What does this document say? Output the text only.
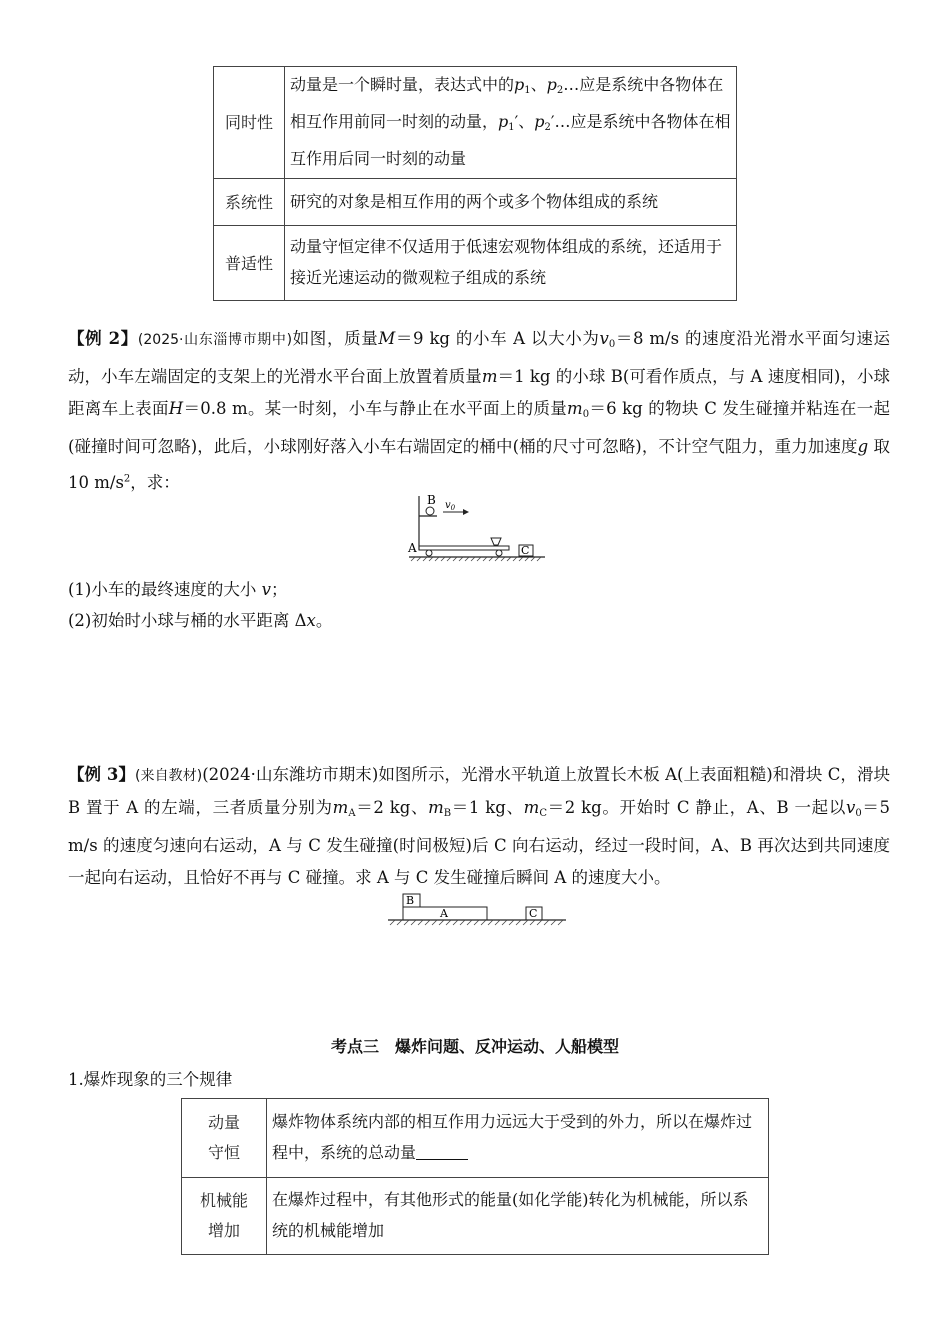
同时性	动量是一个瞬时量，表达式中的$p_1$、$p_2\dots$应是系统中各物体在相互作用前同一时刻的动量，$p_1'$、$p_2'\dots$应是系统中各物体在相互作用后同一时刻的动量
系统性	研究的对象是相互作用的两个或多个物体组成的系统
普适性	动量守恒定律不仅适用于低速宏观物体组成的系统，还适用于接近光速运动的微观粒子组成的系统
【例 2】(2025·山东淄博市期中)如图，质量M＝9 kg 的小车 A 以大小为$v_0=8$ m/s 的速度沿光滑水平面匀速运动，小车左端固定的支架上的光滑水平台面上放置着质量m＝1 kg 的小球 B(可看作质点，与 A 速度相同)，小球距离车上表面H＝0.8 m。某一时刻，小车与静止在水平面上的质量$m_0=6$ kg 的物块 C 发生碰撞并粘连在一起(碰撞时间可忽略)，此后，小球刚好落入小车右端固定的桶中(桶的尺寸可忽略)，不计空气阻力，重力加速度g 取 10 $m/s^2$，求：
B $v_0$
A	C
(1)小车的最终速度的大小 v；
(2)初始时小球与桶的水平距离 Δx。
【例 3】(来自教材)(2024·山东潍坊市期末)如图所示，光滑水平轨道上放置长木板 A(上表面粗糙)和滑块 C，滑块 B 置于 A 的左端，三者质量分别为$m_A=2$ kg、$m_B=1$ kg、$m_C=2$ kg。开始时 C 静止，A、B 一起以$v_0=5$ m/s 的速度匀速向右运动，A 与 C 发生碰撞(时间极短)后 C 向右运动，经过一段时间，A、B 再次达到共同速度一起向右运动，且恰好不再与 C 碰撞。求 A 与 C 发生碰撞后瞬间 A 的速度大小。
B
A	C
考点三　爆炸问题、反冲运动、人船模型
1.爆炸现象的三个规律
动量
守恒	爆炸物体系统内部的相互作用力远远大于受到的外力，所以在爆炸过程中，系统的总动量
机械能
增加	在爆炸过程中，有其他形式的能量(如化学能)转化为机械能，所以系统的机械能增加
